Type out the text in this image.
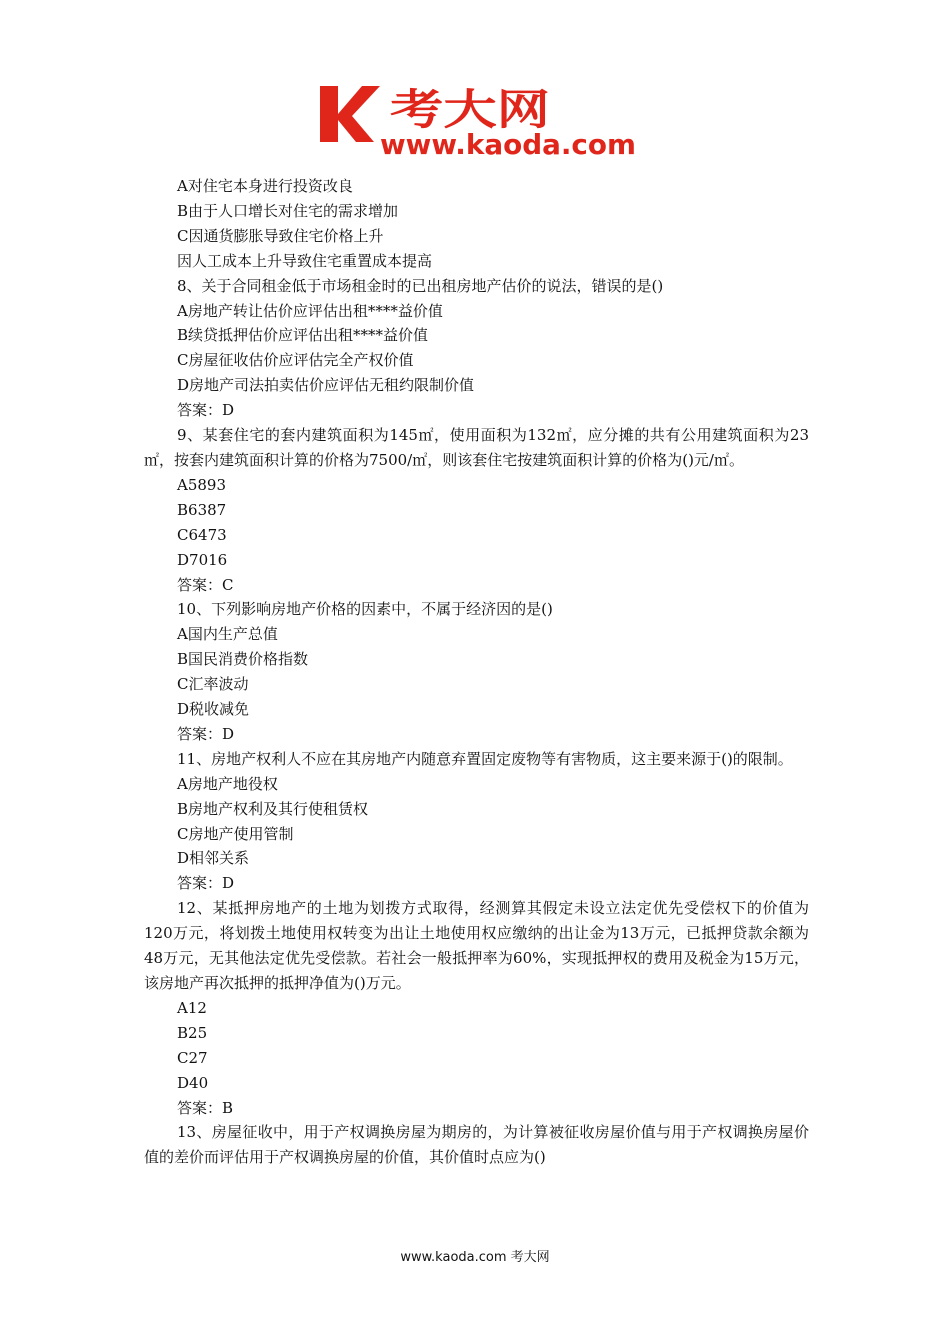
考大网
www.kaoda.com

A对住宅本身进行投资改良

B由于人口增长对住宅的需求增加

C因通货膨胀导致住宅价格上升

因人工成本上升导致住宅重置成本提高

8、关于合同租金低于市场租金时的已出租房地产估价的说法，错误的是()

A房地产转让估价应评估出租****益价值

B续贷抵押估价应评估出租****益价值

C房屋征收估价应评估完全产权价值

D房地产司法拍卖估价应评估无租约限制价值

答案：D

9、某套住宅的套内建筑面积为145㎡，使用面积为132㎡，应分摊的共有公用建筑面积为23㎡，按套内建筑面积计算的价格为7500/㎡，则该套住宅按建筑面积计算的价格为()元/㎡。

A5893

B6387

C6473

D7016

答案：C

10、下列影响房地产价格的因素中，不属于经济因的是()

A国内生产总值

B国民消费价格指数

C汇率波动

D税收减免

答案：D

11、房地产权利人不应在其房地产内随意弃置固定废物等有害物质，这主要来源于()的限制。

A房地产地役权

B房地产权利及其行使租赁权

C房地产使用管制

D相邻关系

答案：D

12、某抵押房地产的土地为划拨方式取得，经测算其假定未设立法定优先受偿权下的价值为120万元，将划拨土地使用权转变为出让土地使用权应缴纳的出让金为13万元，已抵押贷款余额为48万元，无其他法定优先受偿款。若社会一般抵押率为60%，实现抵押权的费用及税金为15万元，该房地产再次抵押的抵押净值为()万元。

A12

B25

C27

D40

答案：B

13、房屋征收中，用于产权调换房屋为期房的，为计算被征收房屋价值与用于产权调换房屋价值的差价而评估用于产权调换房屋的价值，其价值时点应为()

www.kaoda.com 考大网
